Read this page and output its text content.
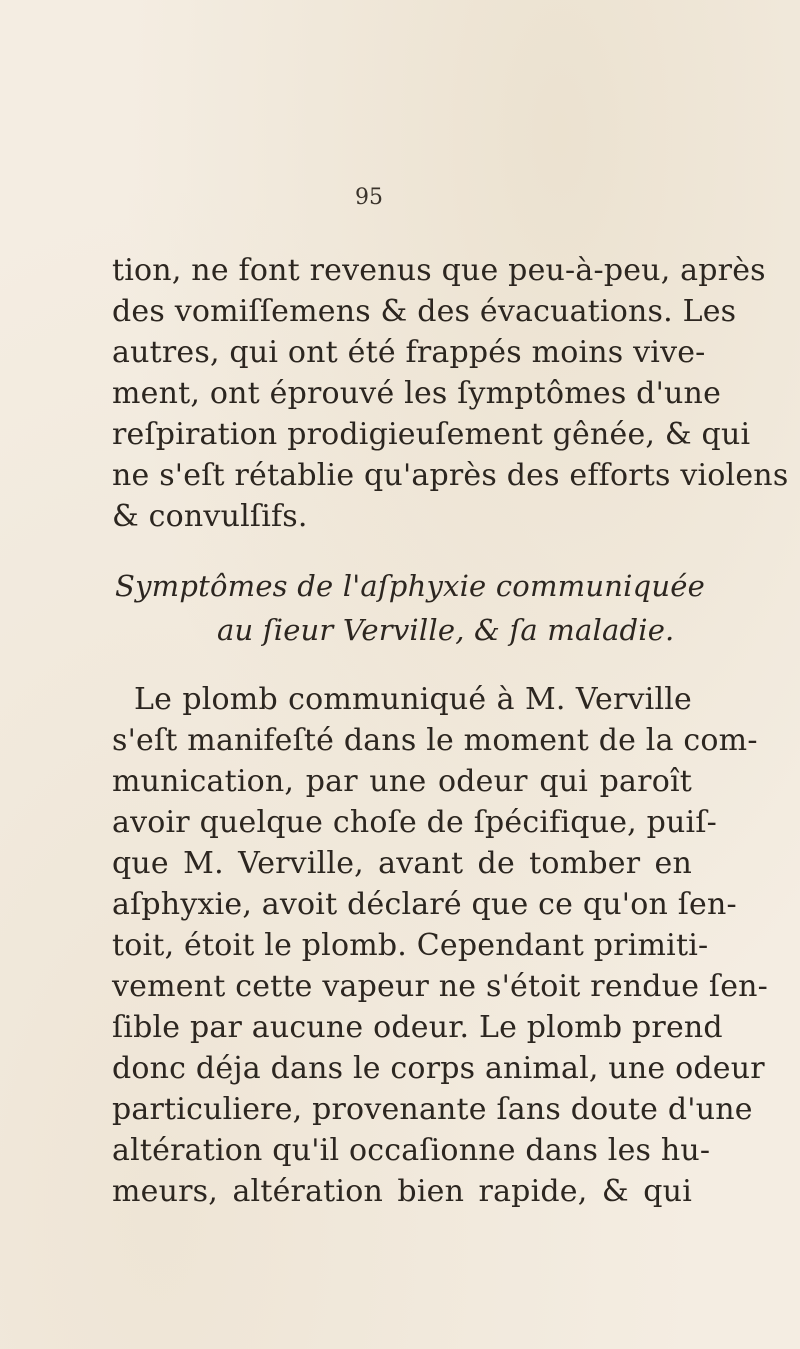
95
tion, ne font revenus que peu-à-peu, après
des vomiſſemens & des évacuations. Les
autres, qui ont été frappés moins vive-
ment, ont éprouvé les ſymptômes d'une
reſpiration prodigieuſement gênée, & qui
ne s'eſt rétablie qu'après des efforts violens
& convulſifs.
Symptômes de l'aſphyxie communiquée
au ſieur Verville, & ſa maladie.
Le plomb communiqué à M. Verville
s'eſt manifeſté dans le moment de la com-
munication, par une odeur qui paroît
avoir quelque choſe de ſpécifique, puiſ-
que M. Verville, avant de tomber en
aſphyxie, avoit déclaré que ce qu'on ſen-
toit, étoit le plomb. Cependant primiti-
vement cette vapeur ne s'étoit rendue ſen-
ſible par aucune odeur. Le plomb prend
donc déja dans le corps animal, une odeur
particuliere, provenante ſans doute d'une
altération qu'il occaſionne dans les hu-
meurs, altération bien rapide, & qui
